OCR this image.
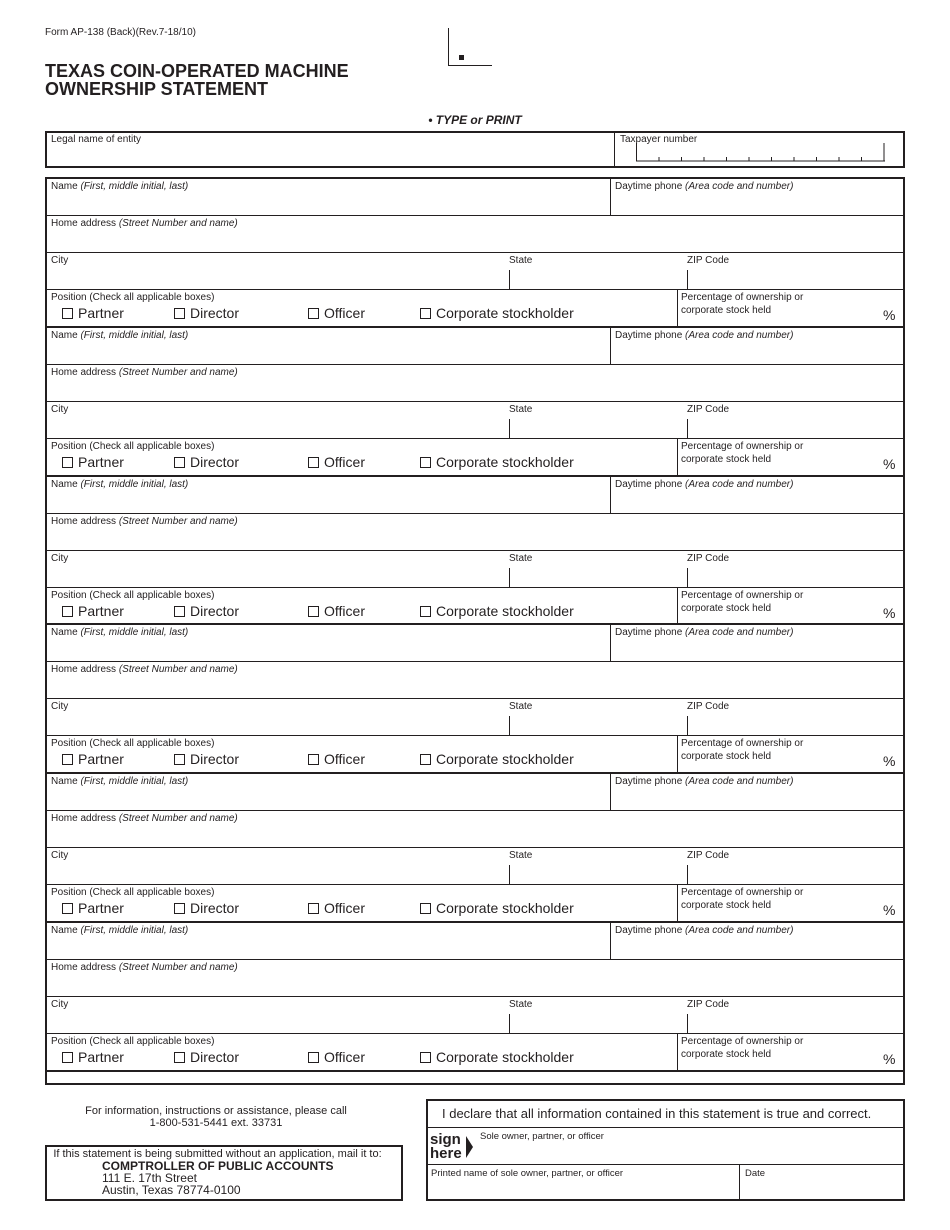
Form AP-138 (Back)(Rev.7-18/10)
TEXAS COIN-OPERATED MACHINE
OWNERSHIP STATEMENT
• TYPE or PRINT
Legal name of entity	Taxpayer number
Name (First, middle initial, last)	Daytime phone (Area code and number)
Home address (Street Number and name)
City	State	ZIP Code
Position (Check all applicable boxes)
Partner	Director	Officer	Corporate stockholder
Percentage of ownership or
corporate stock held	%
Name (First, middle initial, last)	Daytime phone (Area code and number)
Home address (Street Number and name)
City	State	ZIP Code
Position (Check all applicable boxes)
Partner	Director	Officer	Corporate stockholder
Percentage of ownership or
corporate stock held	%
Name (First, middle initial, last)	Daytime phone (Area code and number)
Home address (Street Number and name)
City	State	ZIP Code
Position (Check all applicable boxes)
Partner	Director	Officer	Corporate stockholder
Percentage of ownership or
corporate stock held	%
Name (First, middle initial, last)	Daytime phone (Area code and number)
Home address (Street Number and name)
City	State	ZIP Code
Position (Check all applicable boxes)
Partner	Director	Officer	Corporate stockholder
Percentage of ownership or
corporate stock held	%
Name (First, middle initial, last)	Daytime phone (Area code and number)
Home address (Street Number and name)
City	State	ZIP Code
Position (Check all applicable boxes)
Partner	Director	Officer	Corporate stockholder
Percentage of ownership or
corporate stock held	%
Name (First, middle initial, last)	Daytime phone (Area code and number)
Home address (Street Number and name)
City	State	ZIP Code
Position (Check all applicable boxes)
Partner	Director	Officer	Corporate stockholder
Percentage of ownership or
corporate stock held	%
For information, instructions or assistance, please call
1-800-531-5441 ext. 33731
If this statement is being submitted without an application, mail it to:
COMPTROLLER OF PUBLIC ACCOUNTS
111 E. 17th Street
Austin, Texas 78774-0100
I declare that all information contained in this statement is true and correct.
sign
here
Sole owner, partner, or officer
Printed name of sole owner, partner, or officer	Date
